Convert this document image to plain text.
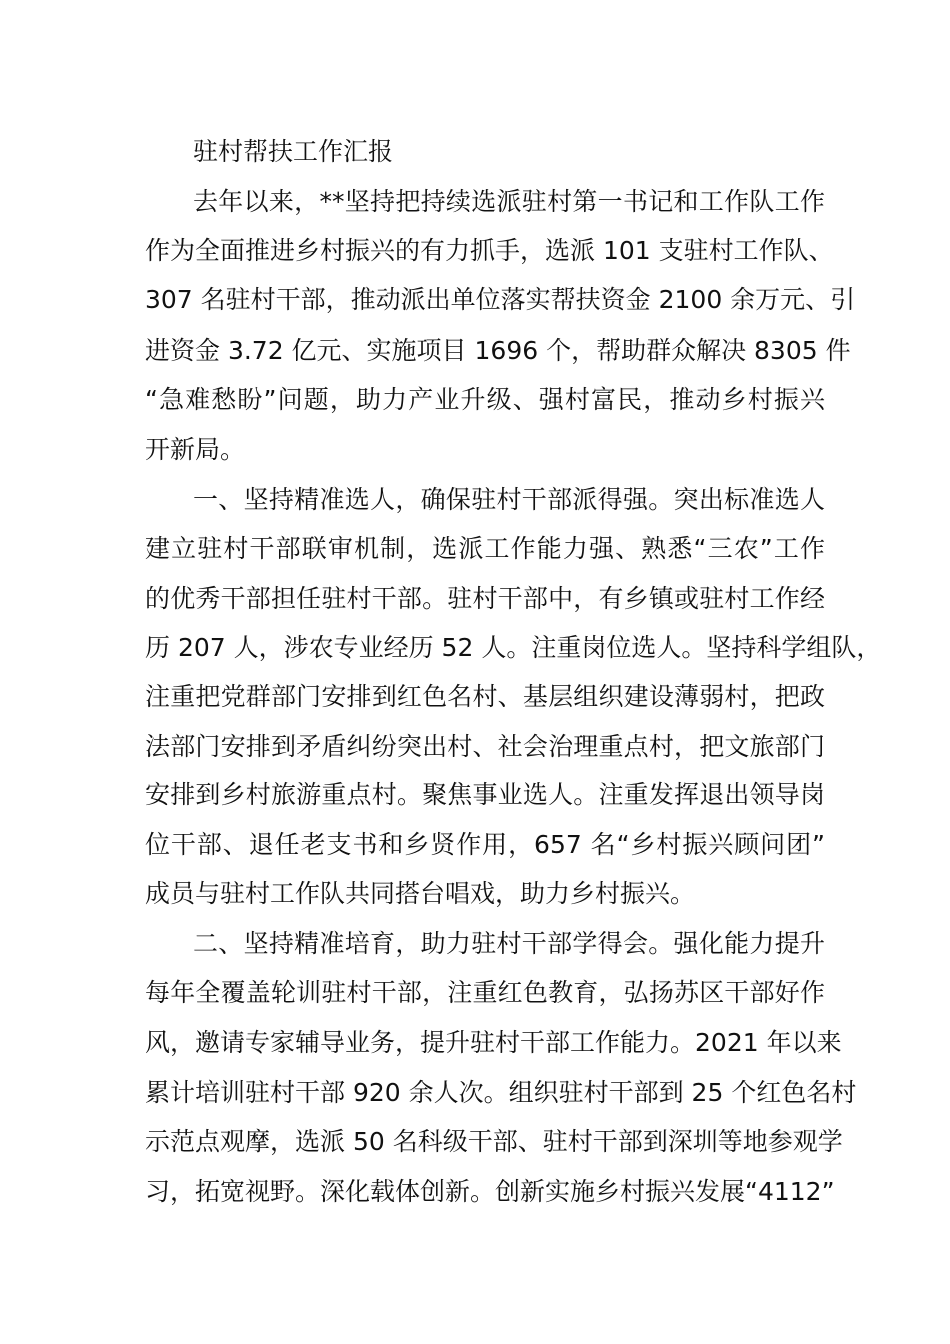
驻村帮扶工作汇报
去年以来，**坚持把持续选派驻村第一书记和工作队工作
作为全面推进乡村振兴的有力抓手，选派 101 支驻村工作队、
307 名驻村干部，推动派出单位落实帮扶资金 2100 余万元、引
进资金 3.72 亿元、实施项目 1696 个，帮助群众解决 8305 件
“急难愁盼”问题，助力产业升级、强村富民，推动乡村振兴
开新局。
一、坚持精准选人，确保驻村干部派得强。突出标准选人
建立驻村干部联审机制，选派工作能力强、熟悉“三农”工作
的优秀干部担任驻村干部。驻村干部中，有乡镇或驻村工作经
历 207 人，涉农专业经历 52 人。注重岗位选人。坚持科学组队，
注重把党群部门安排到红色名村、基层组织建设薄弱村，把政
法部门安排到矛盾纠纷突出村、社会治理重点村，把文旅部门
安排到乡村旅游重点村。聚焦事业选人。注重发挥退出领导岗
位干部、退任老支书和乡贤作用，657 名“乡村振兴顾问团”
成员与驻村工作队共同搭台唱戏，助力乡村振兴。
二、坚持精准培育，助力驻村干部学得会。强化能力提升
每年全覆盖轮训驻村干部，注重红色教育，弘扬苏区干部好作
风，邀请专家辅导业务，提升驻村干部工作能力。2021 年以来
累计培训驻村干部 920 余人次。组织驻村干部到 25 个红色名村
示范点观摩，选派 50 名科级干部、驻村干部到深圳等地参观学
习，拓宽视野。深化载体创新。创新实施乡村振兴发展“4112”
